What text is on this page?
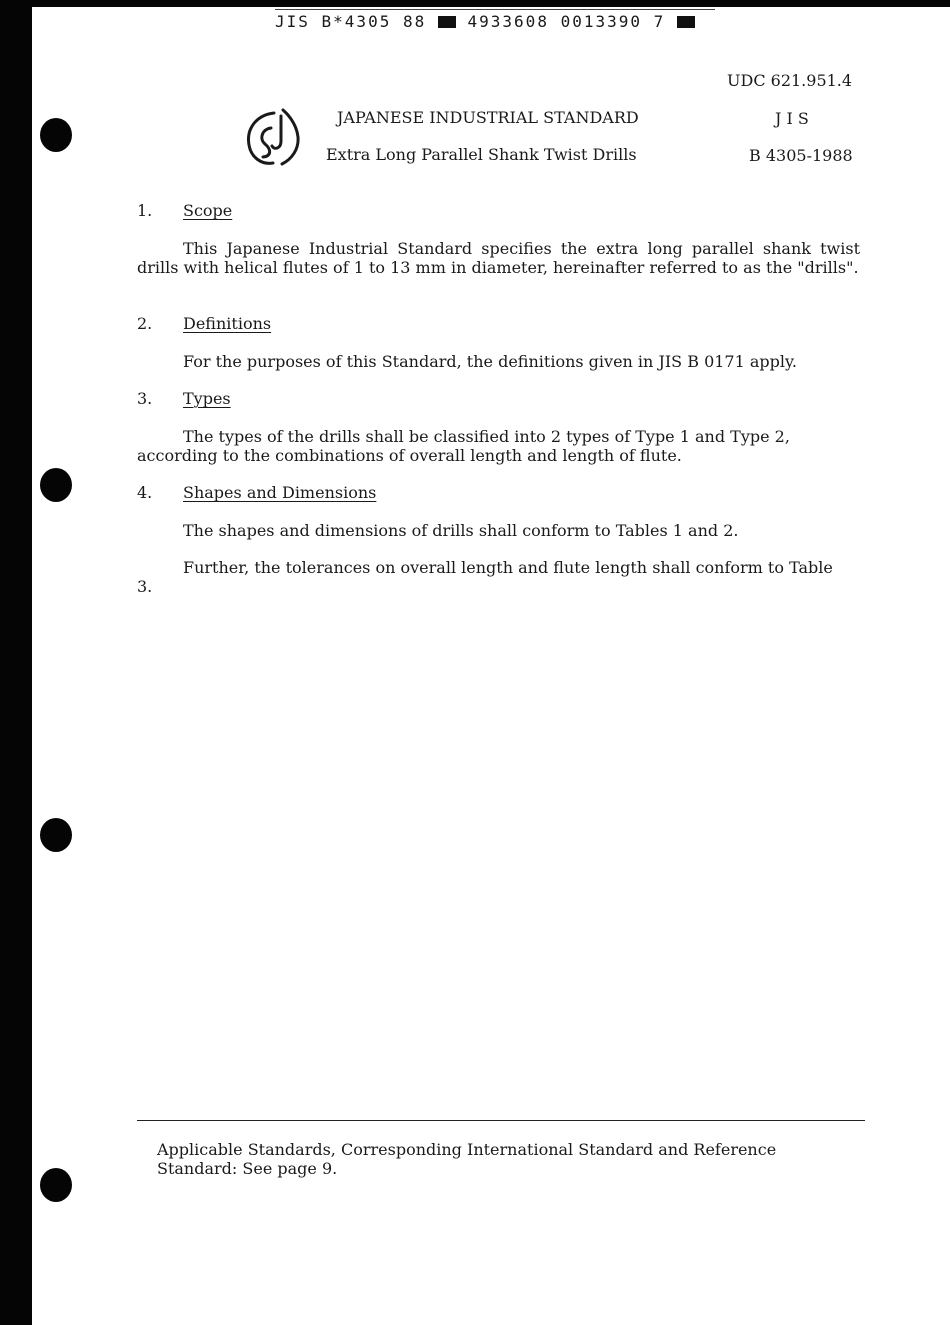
JIS B*4305 88	4933608 0013390 7
UDC 621.951.4
JAPANESE INDUSTRIAL STANDARD	J I S
Extra Long Parallel Shank Twist Drills	B 4305-1988
1. Scope
This Japanese Industrial Standard specifies the extra long parallel shank twist drills with helical flutes of 1 to 13 mm in diameter, hereinafter referred to as the "drills".
2. Definitions
For the purposes of this Standard, the definitions given in JIS B 0171 apply.
3. Types
The types of the drills shall be classified into 2 types of Type 1 and Type 2, according to the combinations of overall length and length of flute.
4. Shapes and Dimensions
The shapes and dimensions of drills shall conform to Tables 1 and 2.
Further, the tolerances on overall length and flute length shall conform to Table 3.
Applicable Standards, Corresponding International Standard and Reference Standard: See page 9.
